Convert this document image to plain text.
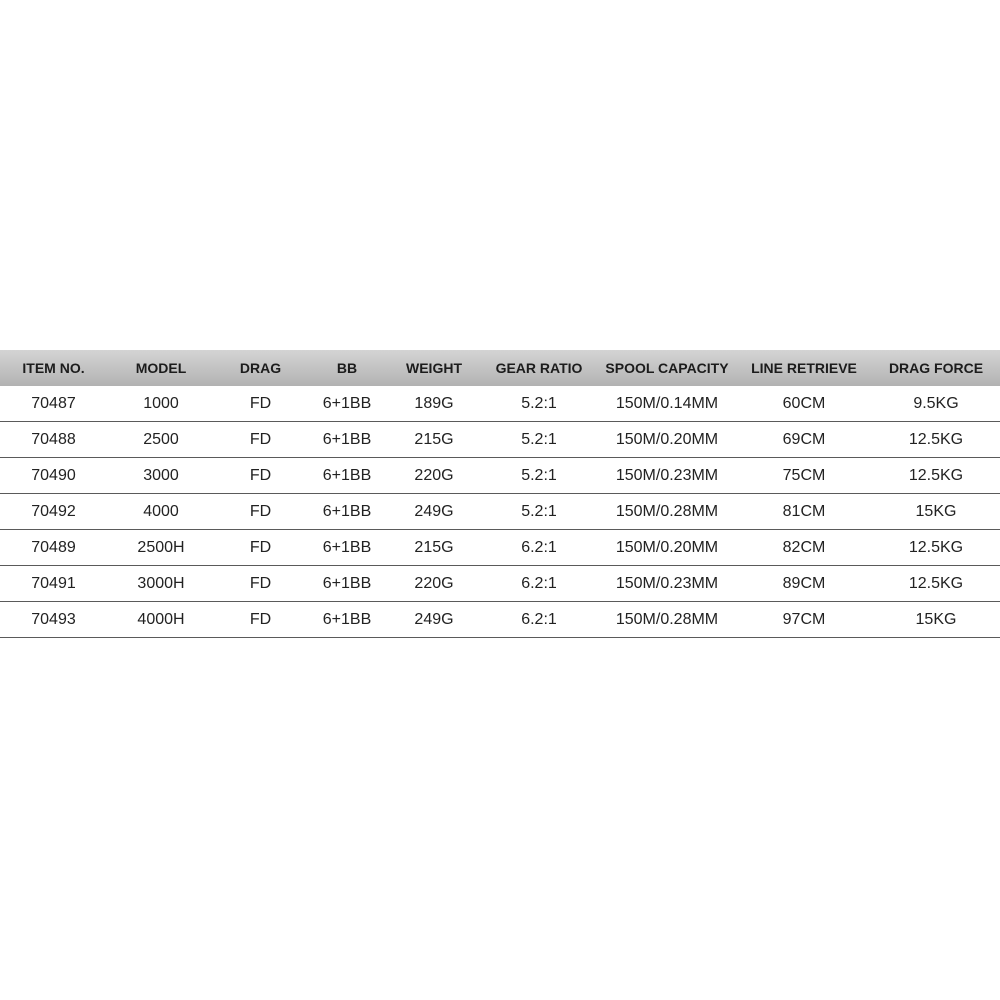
ITEM NO.	MODEL	DRAG	BB	WEIGHT	GEAR RATIO	SPOOL CAPACITY	LINE RETRIEVE	DRAG FORCE
70487	1000	FD	6+1BB	189G	5.2:1	150M/0.14MM	60CM	9.5KG
70488	2500	FD	6+1BB	215G	5.2:1	150M/0.20MM	69CM	12.5KG
70490	3000	FD	6+1BB	220G	5.2:1	150M/0.23MM	75CM	12.5KG
70492	4000	FD	6+1BB	249G	5.2:1	150M/0.28MM	81CM	15KG
70489	2500H	FD	6+1BB	215G	6.2:1	150M/0.20MM	82CM	12.5KG
70491	3000H	FD	6+1BB	220G	6.2:1	150M/0.23MM	89CM	12.5KG
70493	4000H	FD	6+1BB	249G	6.2:1	150M/0.28MM	97CM	15KG
